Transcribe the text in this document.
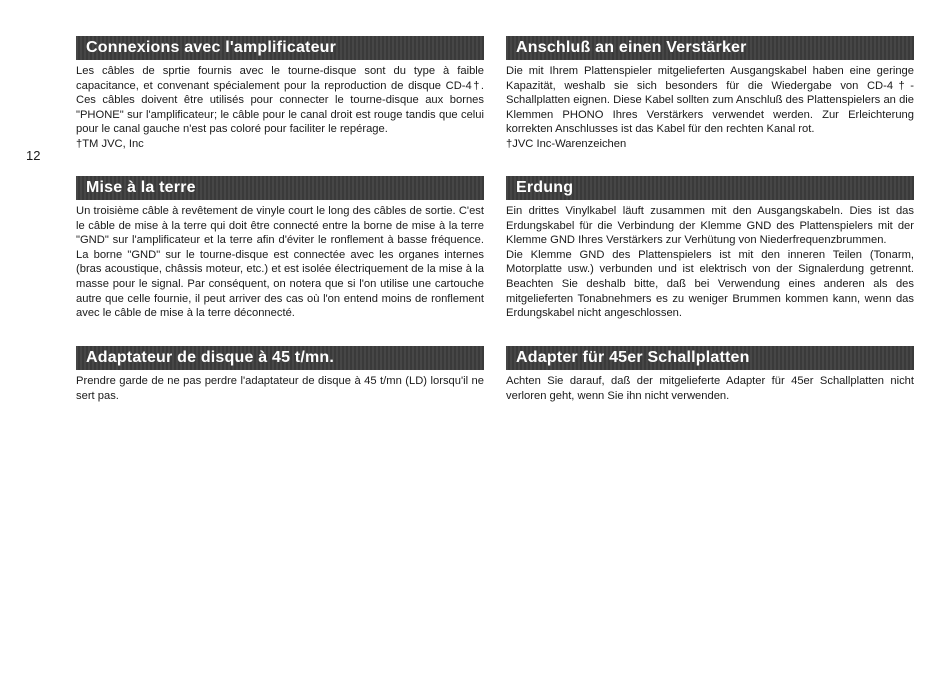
12
Connexions avec l'amplificateur

Les câbles de sprtie fournis avec le tourne-disque sont du type à faible capacitance, et convenant spécialement pour la reproduction de disque CD-4†. Ces câbles doivent être utilisés pour connecter le tourne-disque aux bornes "PHONE" sur l'amplificateur; le câble pour le canal droit est rouge tandis que celui pour le canal gauche n'est pas coloré pour faciliter le repérage.

†TM JVC, Inc

Mise à la terre

Un troisième câble à revêtement de vinyle court le long des câbles de sortie. C'est le câble de mise à la terre qui doit être connecté entre la borne de mise à la terre "GND" sur l'amplificateur et la terre afin d'éviter le ronflement à basse fréquence. La borne "GND" sur le tourne-disque est connectée avec les organes internes (bras acoustique, châssis moteur, etc.) et est isolée électriquement de la mise à la masse pour le signal. Par conséquent, on notera que si l'on utilise une cartouche autre que celle fournie, il peut arriver des cas où l'on entend moins de ronflement avec le câble de mise à la terre déconnecté.

Adaptateur de disque à 45 t/mn.

Prendre garde de ne pas perdre l'adaptateur de disque à 45 t/mn (LD) lorsqu'il ne sert pas.

Anschluß an einen Verstärker

Die mit Ihrem Plattenspieler mitgelieferten Ausgangskabel haben eine geringe Kapazität, weshalb sie sich besonders für die Wiedergabe von CD-4†-Schallplatten eignen. Diese Kabel sollten zum Anschluß des Plattenspielers an die Klemmen PHONO Ihres Verstärkers verwendet werden. Zur Erleichterung korrekten Anschlusses ist das Kabel für den rechten Kanal rot.

†JVC Inc-Warenzeichen

Erdung

Ein drittes Vinylkabel läuft zusammen mit den Ausgangskabeln. Dies ist das Erdungskabel für die Verbindung der Klemme GND des Plattenspielers mit der Klemme GND Ihres Verstärkers zur Verhütung von Niederfrequenzbrummen.

Die Klemme GND des Plattenspielers ist mit den inneren Teilen (Tonarm, Motorplatte usw.) verbunden und ist elektrisch von der Signalerdung getrennt. Beachten Sie deshalb bitte, daß bei Verwendung eines anderen als des mitgelieferten Tonabnehmers es zu weniger Brummen kommen kann, wenn das Erdungskabel nicht angeschlossen.

Adapter für 45er Schallplatten

Achten Sie darauf, daß der mitgelieferte Adapter für 45er Schallplatten nicht verloren geht, wenn Sie ihn nicht verwenden.
